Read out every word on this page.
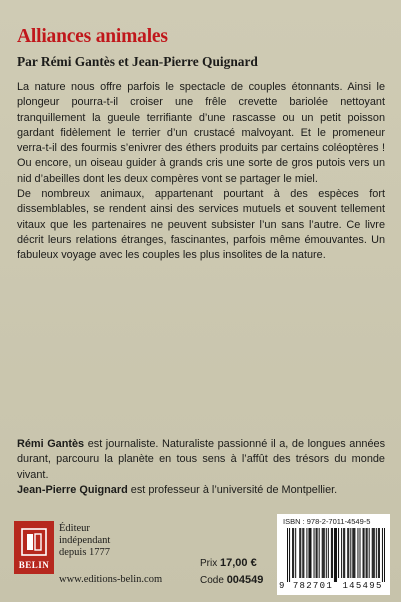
Alliances animales
Par Rémi Gantès et Jean-Pierre Quignard

La nature nous offre parfois le spectacle de couples étonnants. Ainsi le plongeur pourra-t-il croiser une frêle crevette bariolée nettoyant tranquillement la gueule terrifiante d’une rascasse ou un petit poisson gardant fidèlement le terrier d’un crustacé malvoyant. Et le promeneur verra-t-il des fourmis s’enivrer des éthers produits par certains coléoptères ! Ou encore, un oiseau guider à grands cris une sorte de gros putois vers un nid d’abeilles dont les deux compères vont se partager le miel.

De nombreux animaux, appartenant pourtant à des espèces fort dissemblables, se rendent ainsi des services mutuels et souvent tellement vitaux que les partenaires ne peuvent subsister l’un sans l’autre. Ce livre décrit leurs relations étranges, fascinantes, parfois même émouvantes. Un fabuleux voyage avec les couples les plus insolites de la nature.

Rémi Gantès est journaliste. Naturaliste passionné il a, de longues années durant, parcouru la planète en tous sens à l’affût des trésors du monde vivant.

Jean-Pierre Quignard est professeur à l’université de Montpellier.

BELIN
Éditeur
indépendant
depuis 1777
www.editions-belin.com
Prix 17,00 €
Code 004549
ISBN : 978-2-7011-4549-5
9 782701 145495
